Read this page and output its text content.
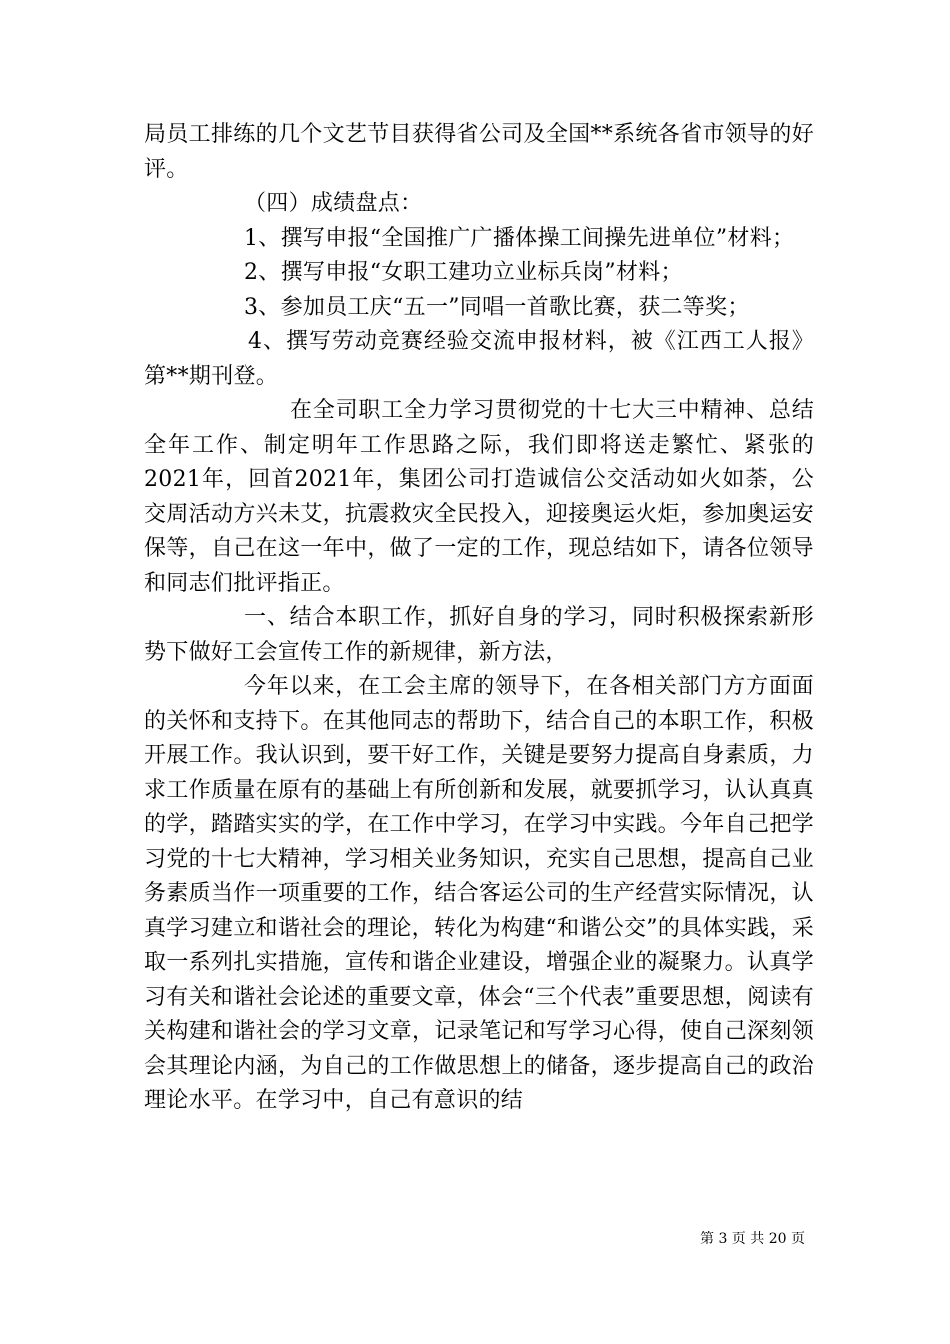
局员工排练的几个文艺节目获得省公司及全国**系统各省市领导的好评。

（四）成绩盘点：

1、撰写申报“全国推广广播体操工间操先进单位”材料；

2、撰写申报“女职工建功立业标兵岗”材料；

3、参加员工庆“五一”同唱一首歌比赛，获二等奖；

4、撰写劳动竞赛经验交流申报材料，被《江西工人报》第**期刊登。

在全司职工全力学习贯彻党的十七大三中精神、总结全年工作、制定明年工作思路之际，我们即将送走繁忙、紧张的2021年，回首2021年，集团公司打造诚信公交活动如火如荼，公交周活动方兴未艾，抗震救灾全民投入，迎接奥运火炬，参加奥运安保等，自己在这一年中，做了一定的工作，现总结如下，请各位领导和同志们批评指正。

一、结合本职工作，抓好自身的学习，同时积极探索新形势下做好工会宣传工作的新规律，新方法，

今年以来，在工会主席的领导下，在各相关部门方方面面的关怀和支持下。在其他同志的帮助下，结合自己的本职工作，积极开展工作。我认识到，要干好工作，关键是要努力提高自身素质，力求工作质量在原有的基础上有所创新和发展，就要抓学习，认认真真的学，踏踏实实的学，在工作中学习，在学习中实践。今年自己把学习党的十七大精神，学习相关业务知识，充实自己思想，提高自己业务素质当作一项重要的工作，结合客运公司的生产经营实际情况，认真学习建立和谐社会的理论，转化为构建“和谐公交”的具体实践，采取一系列扎实措施，宣传和谐企业建设，增强企业的凝聚力。认真学习有关和谐社会论述的重要文章，体会“三个代表”重要思想，阅读有关构建和谐社会的学习文章，记录笔记和写学习心得，使自己深刻领会其理论内涵，为自己的工作做思想上的储备，逐步提高自己的政治理论水平。在学习中，自己有意识的结

第 3 页 共 20 页
